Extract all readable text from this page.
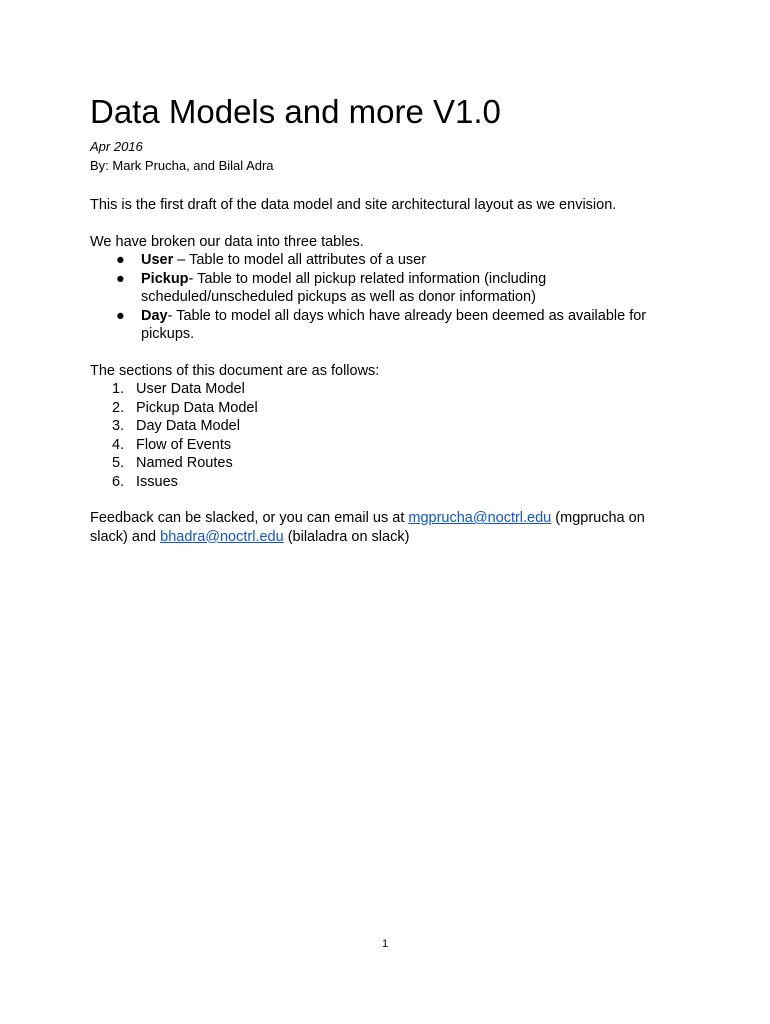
Data Models and more V1.0

Apr 2016

By: Mark Prucha, and Bilal Adra

This is the first draft of the data model and site architectural layout as we envision.

We have broken our data into three tables.

● User – Table to model all attributes of a user
● Pickup- Table to model all pickup related information (including scheduled/unscheduled pickups as well as donor information)
● Day- Table to model all days which have already been deemed as available for pickups.

The sections of this document are as follows:

1. User Data Model
2. Pickup Data Model
3. Day Data Model
4. Flow of Events
5. Named Routes
6. Issues

Feedback can be slacked, or you can email us at mgprucha@noctrl.edu (mgprucha on slack) and bhadra@noctrl.edu (bilaladra on slack)

1
